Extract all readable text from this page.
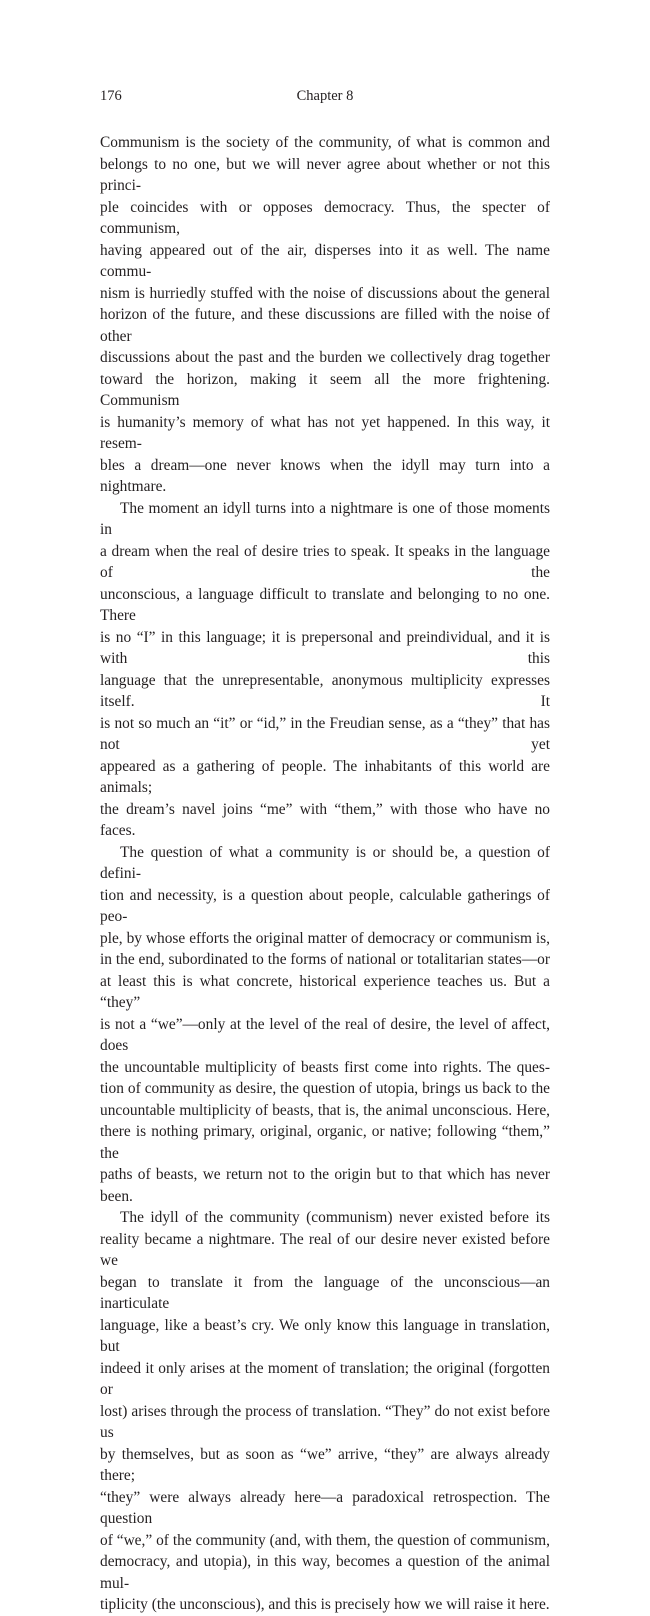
176	Chapter 8

Communism is the society of the community, of what is common and

belongs to no one, but we will never agree about whether or not this princi-

ple coincides with or opposes democracy. Thus, the specter of communism,

having appeared out of the air, disperses into it as well. The name commu-

nism is hurriedly stuffed with the noise of discussions about the general

horizon of the future, and these discussions are filled with the noise of other

discussions about the past and the burden we collectively drag together

toward the horizon, making it seem all the more frightening. Communism

is humanity’s memory of what has not yet happened. In this way, it resem-

bles a dream—one never knows when the idyll may turn into a nightmare.

The moment an idyll turns into a nightmare is one of those moments in

a dream when the real of desire tries to speak. It speaks in the language of the

unconscious, a language difficult to translate and belonging to no one. There

is no “I” in this language; it is prepersonal and preindividual, and it is with this

language that the unrepresentable, anonymous multiplicity expresses itself. It

is not so much an “it” or “id,” in the Freudian sense, as a “they” that has not yet

appeared as a gathering of people. The inhabitants of this world are animals;

the dream’s navel joins “me” with “them,” with those who have no faces.

The question of what a community is or should be, a question of defini-

tion and necessity, is a question about people, calculable gatherings of peo-

ple, by whose efforts the original matter of democracy or communism is,

in the end, subordinated to the forms of national or totalitarian states—or

at least this is what concrete, historical experience teaches us. But a “they”

is not a “we”—only at the level of the real of desire, the level of affect, does

the uncountable multiplicity of beasts first come into rights. The ques-

tion of community as desire, the question of utopia, brings us back to the

uncountable multiplicity of beasts, that is, the animal unconscious. Here,

there is nothing primary, original, organic, or native; following “them,” the

paths of beasts, we return not to the origin but to that which has never been.

The idyll of the community (communism) never existed before its

reality became a nightmare. The real of our desire never existed before we

began to translate it from the language of the unconscious—an inarticulate

language, like a beast’s cry. We only know this language in translation, but

indeed it only arises at the moment of translation; the original (forgotten or

lost) arises through the process of translation. “They” do not exist before us

by themselves, but as soon as “we” arrive, “they” are always already there;

“they” were always already here—a paradoxical retrospection. The question

of “we,” of the community (and, with them, the question of communism,

democracy, and utopia), in this way, becomes a question of the animal mul-

tiplicity (the unconscious), and this is precisely how we will raise it here.
